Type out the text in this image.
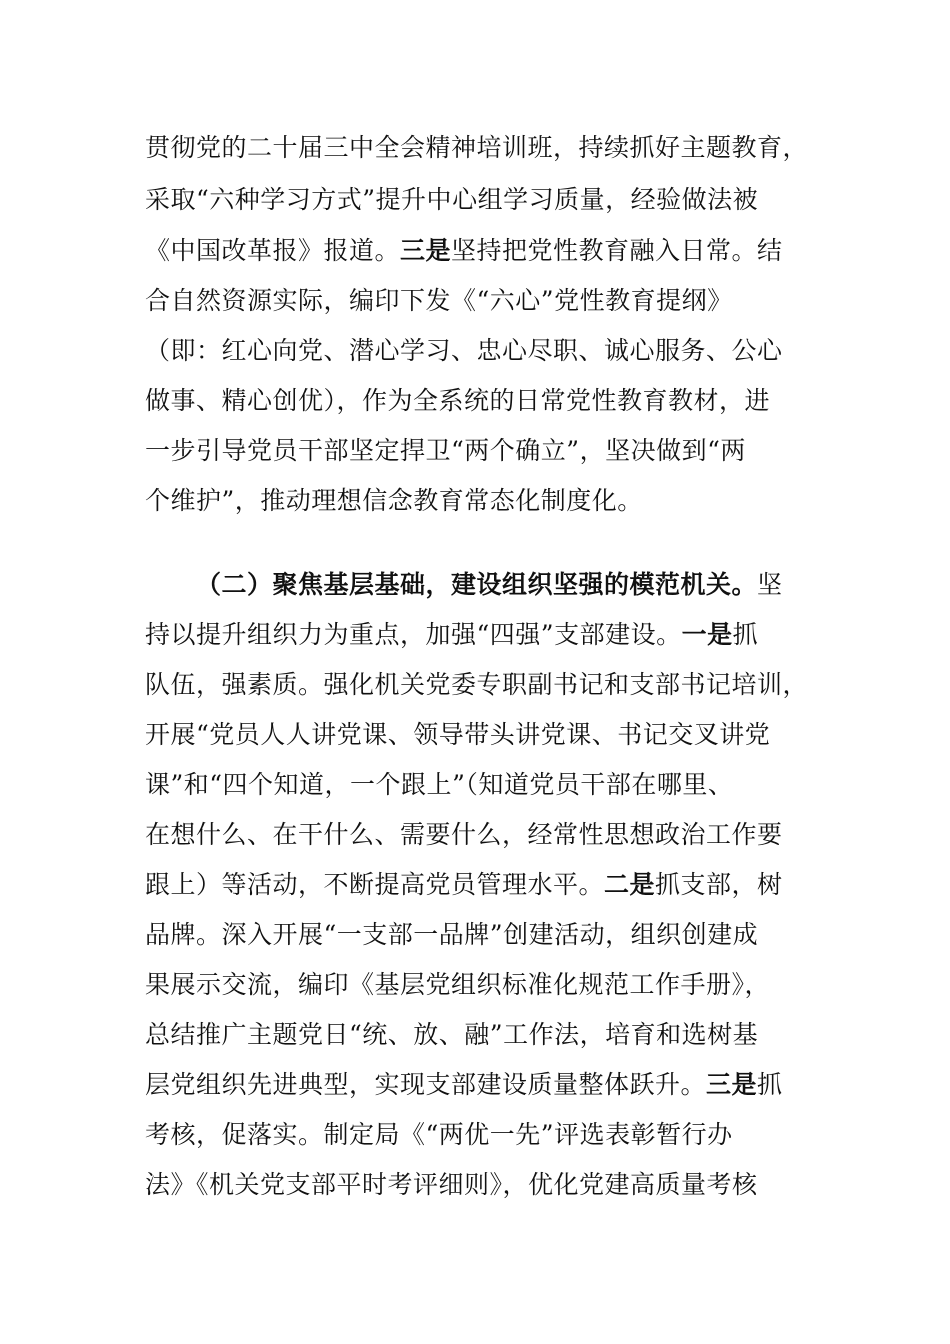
贯彻党的二十届三中全会精神培训班，持续抓好主题教育，
采取“六种学习方式”提升中心组学习质量，经验做法被
《中国改革报》报道。三是坚持把党性教育融入日常。结
合自然资源实际，编印下发《“六心”党性教育提纲》
（即：红心向党、潜心学习、忠心尽职、诚心服务、公心
做事、精心创优），作为全系统的日常党性教育教材，进
一步引导党员干部坚定捍卫“两个确立”，坚决做到“两
个维护”，推动理想信念教育常态化制度化。
（二）聚焦基层基础，建设组织坚强的模范机关。坚
持以提升组织力为重点，加强“四强”支部建设。一是抓
队伍，强素质。强化机关党委专职副书记和支部书记培训，
开展“党员人人讲党课、领导带头讲党课、书记交叉讲党
课”和“四个知道，一个跟上”（知道党员干部在哪里、
在想什么、在干什么、需要什么，经常性思想政治工作要
跟上）等活动，不断提高党员管理水平。二是抓支部，树
品牌。深入开展“一支部一品牌”创建活动，组织创建成
果展示交流，编印《基层党组织标准化规范工作手册》，
总结推广主题党日“统、放、融”工作法，培育和选树基
层党组织先进典型，实现支部建设质量整体跃升。三是抓
考核，促落实。制定局《“两优一先”评选表彰暂行办
法》《机关党支部平时考评细则》，优化党建高质量考核
